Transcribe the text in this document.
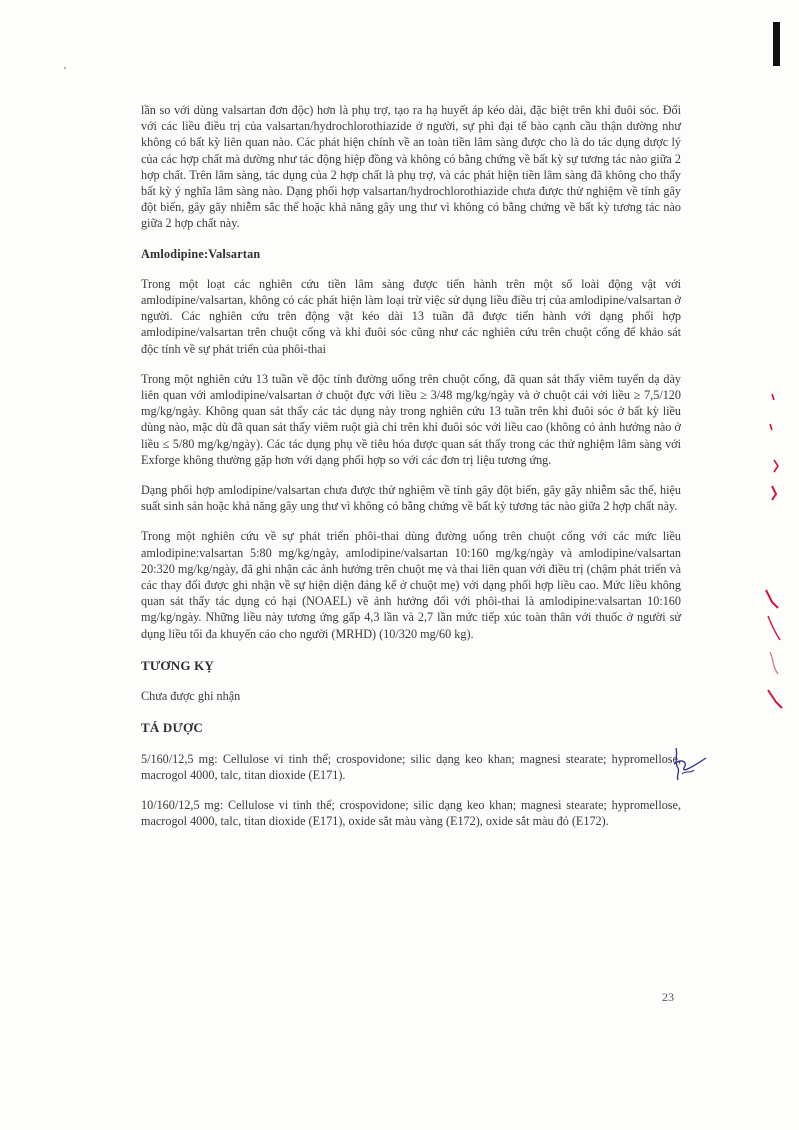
lần so với dùng valsartan đơn độc) hơn là phụ trợ, tạo ra hạ huyết áp kéo dài, đặc biệt trên khỉ đuôi sóc. Đối với các liều điều trị của valsartan/hydrochlorothiazide ở người, sự phì đại tế bào cạnh cầu thận dường như không có bất kỳ liên quan nào. Các phát hiện chính về an toàn tiền lâm sàng được cho là do tác dụng dược lý của các hợp chất mà dường như tác động hiệp đồng và không có bằng chứng về bất kỳ sự tương tác nào giữa 2 hợp chất. Trên lâm sàng, tác dụng của 2 hợp chất là phụ trợ, và các phát hiện tiền lâm sàng đã không cho thấy bất kỳ ý nghĩa lâm sàng nào. Dạng phối hợp valsartan/hydrochlorothiazide chưa được thử nghiệm về tính gây đột biến, gây gãy nhiễm sắc thể hoặc khả năng gây ung thư vì không có bằng chứng về bất kỳ tương tác nào giữa 2 hợp chất này.

Amlodipine:Valsartan

Trong một loạt các nghiên cứu tiền lâm sàng được tiến hành trên một số loài động vật với amlodipine/valsartan, không có các phát hiện làm loại trừ việc sử dụng liều điều trị của amlodipine/valsartan ở người. Các nghiên cứu trên động vật kéo dài 13 tuần đã được tiến hành với dạng phối hợp amlodipine/valsartan trên chuột cống và khỉ đuôi sóc cũng như các nghiên cứu trên chuột cống để khảo sát độc tính về sự phát triển của phôi-thai

Trong một nghiên cứu 13 tuần về độc tính đường uống trên chuột cống, đã quan sát thấy viêm tuyến dạ dày liên quan với amlodipine/valsartan ở chuột đực với liều ≥ 3/48 mg/kg/ngày và ở chuột cái với liều ≥ 7,5/120 mg/kg/ngày. Không quan sát thấy các tác dụng này trong nghiên cứu 13 tuần trên khỉ đuôi sóc ở bất kỳ liều dùng nào, mặc dù đã quan sát thấy viêm ruột già chỉ trên khỉ đuôi sóc với liều cao (không có ảnh hưởng nào ở liều ≤ 5/80 mg/kg/ngày). Các tác dụng phụ về tiêu hóa được quan sát thấy trong các thử nghiệm lâm sàng với Exforge không thường gặp hơn với dạng phối hợp so với các đơn trị liệu tương ứng.

Dạng phối hợp amlodipine/valsartan chưa được thử nghiệm về tính gây đột biến, gây gãy nhiễm sắc thể, hiệu suất sinh sản hoặc khả năng gây ung thư vì không có bằng chứng về bất kỳ tương tác nào giữa 2 hợp chất này.

Trong một nghiên cứu về sự phát triển phôi-thai dùng đường uống trên chuột cống với các mức liều amlodipine:valsartan 5:80 mg/kg/ngày, amlodipine/valsartan 10:160 mg/kg/ngày và amlodipine/valsartan 20:320 mg/kg/ngày, đã ghi nhận các ảnh hưởng trên chuột mẹ và thai liên quan với điều trị (chậm phát triển và các thay đổi được ghi nhận về sự hiện diện đáng kể ở chuột mẹ) với dạng phối hợp liều cao. Mức liều không quan sát thấy tác dụng có hại (NOAEL) về ảnh hưởng đối với phôi-thai là amlodipine:valsartan 10:160 mg/kg/ngày. Những liều này tương ứng gấp 4,3 lần và 2,7 lần mức tiếp xúc toàn thân với thuốc ở người sử dụng liều tối đa khuyến cáo cho người (MRHD) (10/320 mg/60 kg).

TƯƠNG KỴ

Chưa được ghi nhận

TÁ DƯỢC

5/160/12,5 mg: Cellulose vi tinh thể; crospovidone; silic dạng keo khan; magnesi stearate; hypromellose, macrogol 4000, talc, titan dioxide (E171).

10/160/12,5 mg: Cellulose vi tinh thể; crospovidone; silic dạng keo khan; magnesi stearate; hypromellose, macrogol 4000, talc, titan dioxide (E171), oxide sắt màu vàng (E172), oxide sắt màu đỏ (E172).

23
